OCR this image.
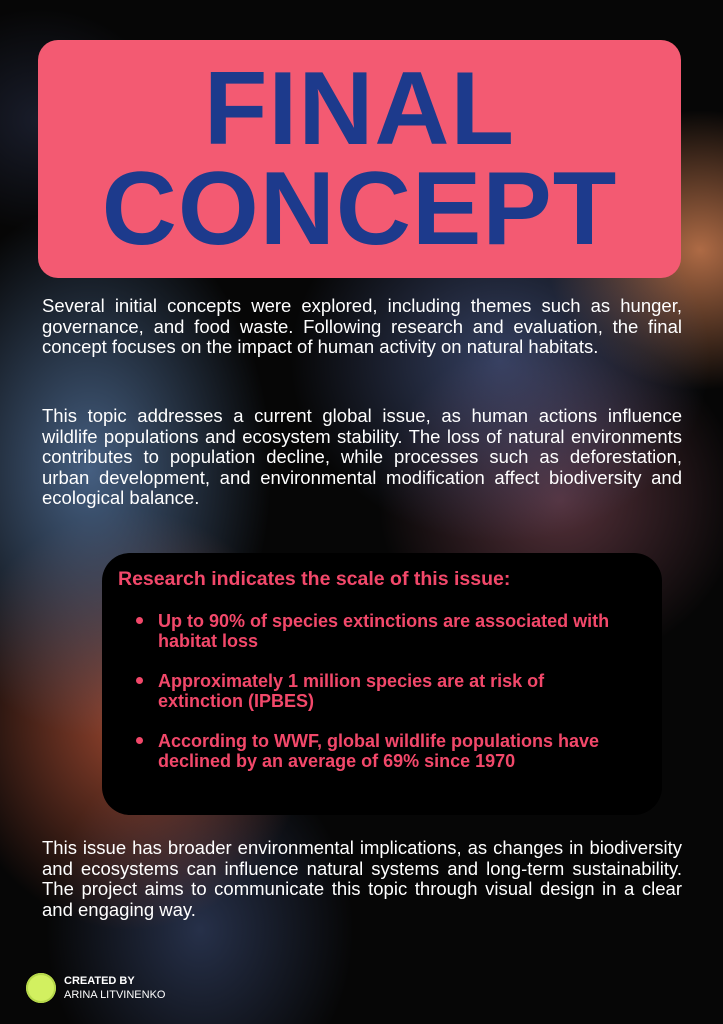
FINAL
CONCEPT

Several initial concepts were explored, including themes such as hunger, governance, and food waste. Following research and evaluation, the final concept focuses on the impact of human activity on natural habitats.

This topic addresses a current global issue, as human actions influence wildlife populations and ecosystem stability. The loss of natural environments contributes to population decline, while processes such as deforestation, urban development, and environmental modification affect biodiversity and ecological balance.

Research indicates the scale of this issue:
Up to 90% of species extinctions are associated with habitat loss
Approximately 1 million species are at risk of extinction (IPBES)
According to WWF, global wildlife populations have declined by an average of 69% since 1970

This issue has broader environmental implications, as changes in biodiversity and ecosystems can influence natural systems and long-term sustainability. The project aims to communicate this topic through visual design in a clear and engaging way.

CREATED BY
ARINA LITVINENKO
